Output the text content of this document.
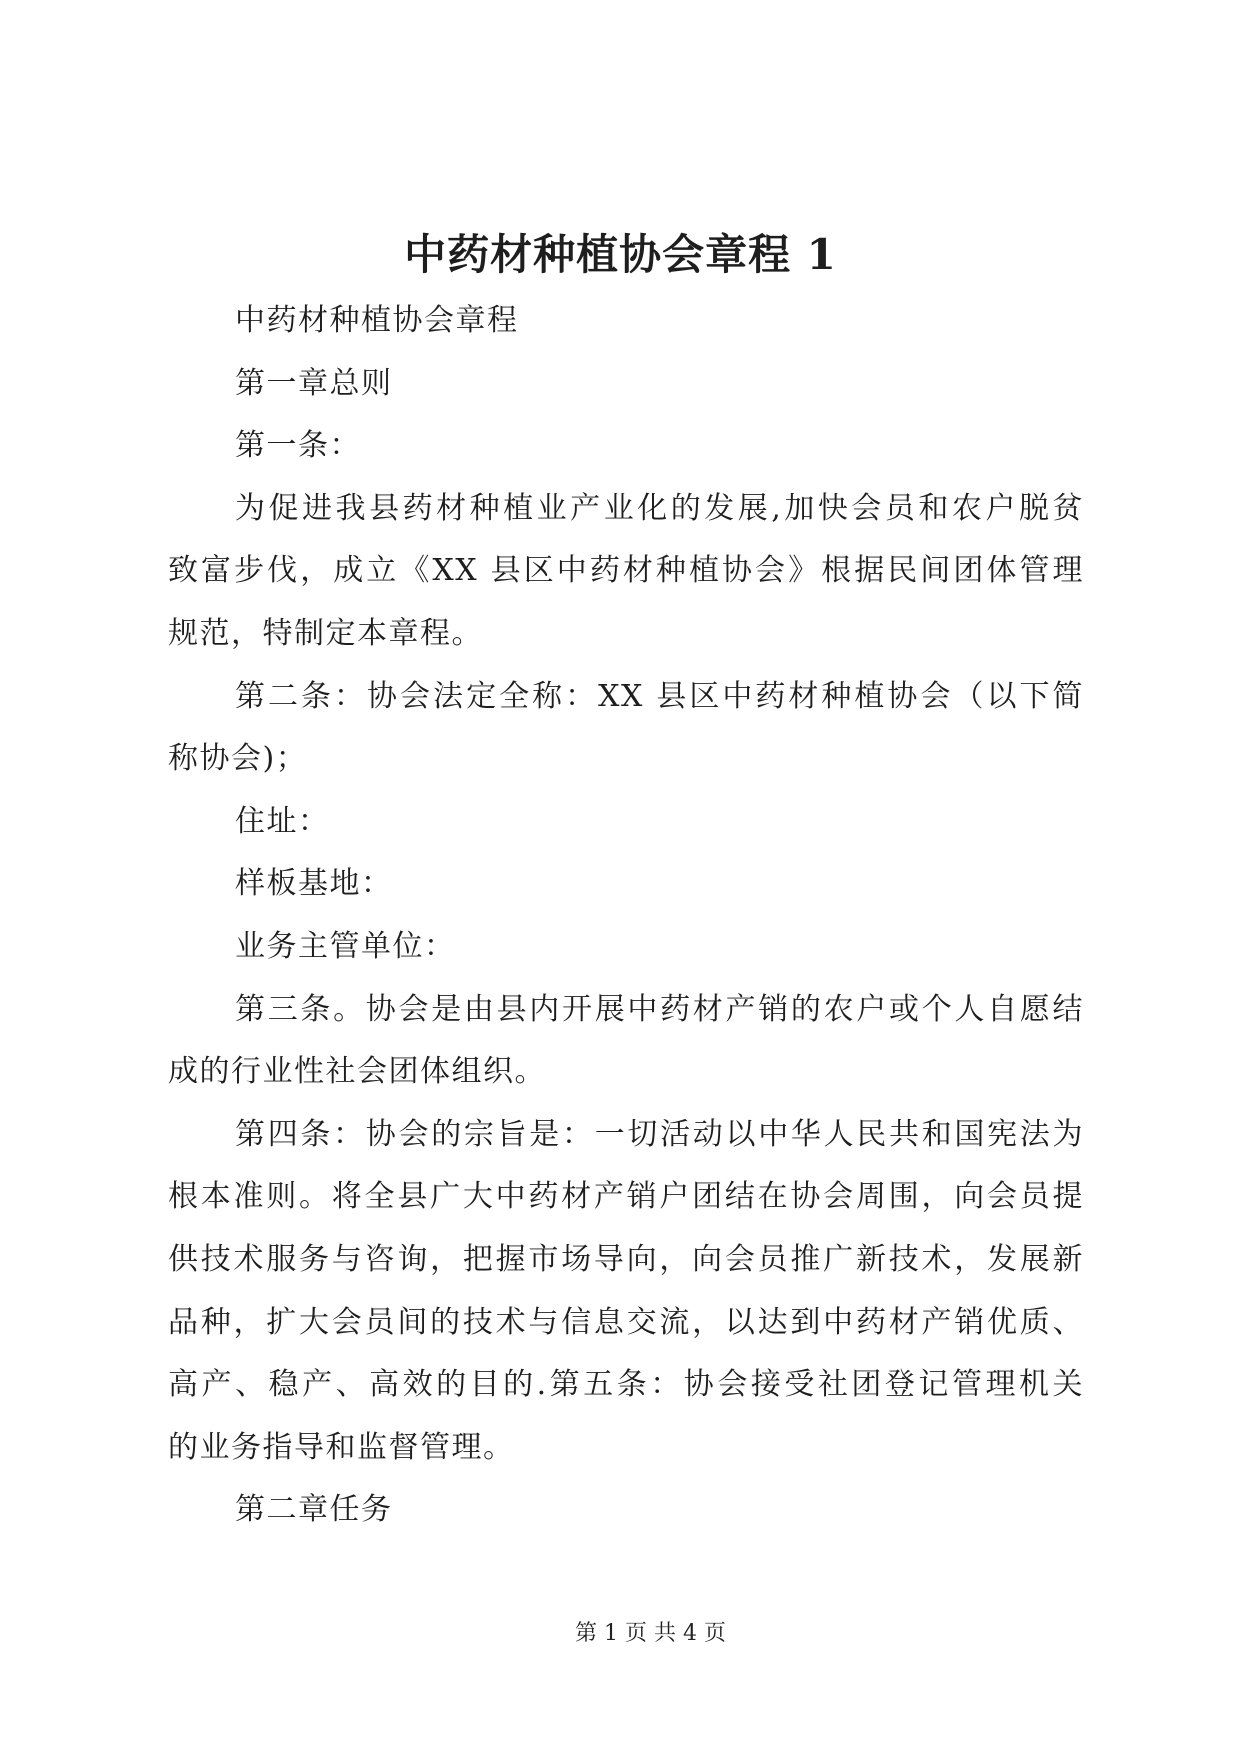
中药材种植协会章程 1
中药材种植协会章程
第一章总则
第一条：
为促进我县药材种植业产业化的发展,加快会员和农户脱贫
致富步伐，成立《XX 县区中药材种植协会》根据民间团体管理
规范，特制定本章程。
第二条：协会法定全称：XX 县区中药材种植协会（以下简
称协会)；
住址：
样板基地：
业务主管单位：
第三条。协会是由县内开展中药材产销的农户或个人自愿结
成的行业性社会团体组织。
第四条：协会的宗旨是：一切活动以中华人民共和国宪法为
根本准则。将全县广大中药材产销户团结在协会周围，向会员提
供技术服务与咨询，把握市场导向，向会员推广新技术，发展新
品种，扩大会员间的技术与信息交流，以达到中药材产销优质、
高产、稳产、高效的目的.第五条：协会接受社团登记管理机关
的业务指导和监督管理。
第二章任务
第 1 页 共 4 页
